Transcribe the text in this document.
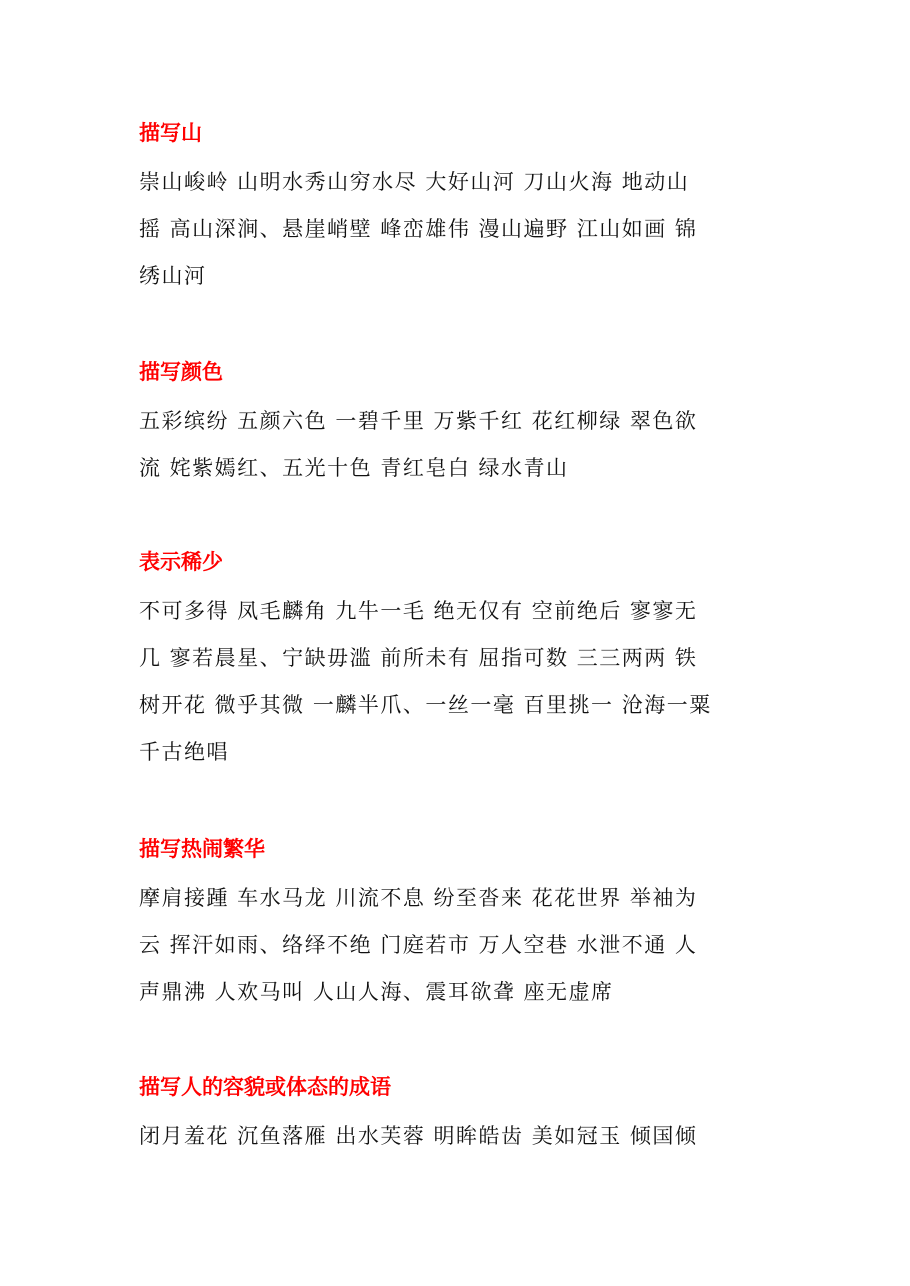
描写山

崇山峻岭 山明水秀山穷水尽 大好山河 刀山火海 地动山
摇 高山深涧、悬崖峭壁 峰峦雄伟 漫山遍野 江山如画 锦
绣山河

描写颜色

五彩缤纷 五颜六色 一碧千里 万紫千红 花红柳绿 翠色欲
流 姹紫嫣红、五光十色 青红皂白 绿水青山

表示稀少

不可多得 凤毛麟角 九牛一毛 绝无仅有 空前绝后 寥寥无
几 寥若晨星、宁缺毋滥 前所未有 屈指可数 三三两两 铁
树开花 微乎其微 一麟半爪、一丝一毫 百里挑一 沧海一粟
千古绝唱

描写热闹繁华

摩肩接踵 车水马龙 川流不息 纷至沓来 花花世界 举袖为
云 挥汗如雨、络绎不绝 门庭若市 万人空巷 水泄不通 人
声鼎沸 人欢马叫 人山人海、震耳欲聋 座无虚席

描写人的容貌或体态的成语

闭月羞花 沉鱼落雁 出水芙蓉 明眸皓齿 美如冠玉 倾国倾
